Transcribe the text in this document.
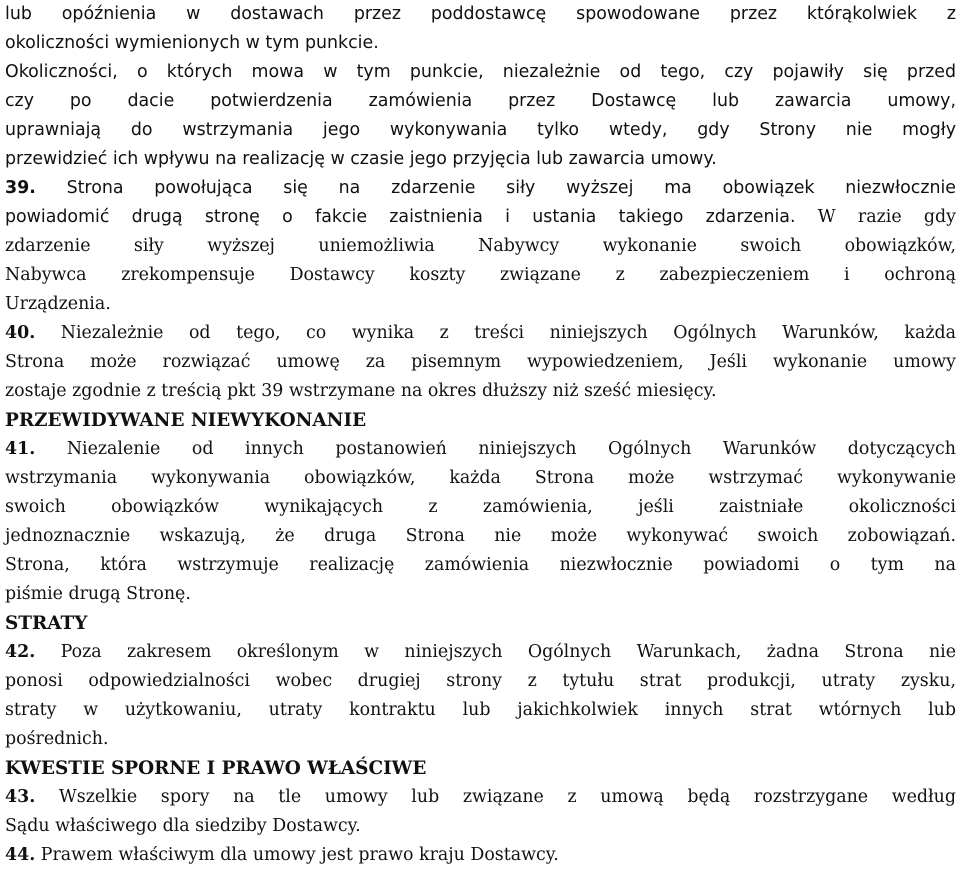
lub opóźnienia w dostawach przez poddostawcę spowodowane przez którąkolwiek z
okoliczności wymienionych w tym punkcie.
Okoliczności, o których mowa w tym punkcie, niezależnie od tego, czy pojawiły się przed
czy po dacie potwierdzenia zamówienia przez Dostawcę lub zawarcia umowy,
uprawniają do wstrzymania jego wykonywania tylko wtedy, gdy Strony nie mogły
przewidzieć ich wpływu na realizację w czasie jego przyjęcia lub zawarcia umowy.
39. Strona powołująca się na zdarzenie siły wyższej ma obowiązek niezwłocznie
powiadomić drugą stronę o fakcie zaistnienia i ustania takiego zdarzenia. W razie gdy
zdarzenie siły wyższej uniemożliwia Nabywcy wykonanie swoich obowiązków,
Nabywca zrekompensuje Dostawcy koszty związane z zabezpieczeniem i ochroną
Urządzenia.
40. Niezależnie od tego, co wynika z treści niniejszych Ogólnych Warunków, każda
Strona może rozwiązać umowę za pisemnym wypowiedzeniem, Jeśli wykonanie umowy
zostaje zgodnie z treścią pkt 39 wstrzymane na okres dłuższy niż sześć miesięcy.
PRZEWIDYWANE NIEWYKONANIE
41. Niezalenie od innych postanowień niniejszych Ogólnych Warunków dotyczących
wstrzymania wykonywania obowiązków, każda Strona może wstrzymać wykonywanie
swoich obowiązków wynikających z zamówienia, jeśli zaistniałe okoliczności
jednoznacznie wskazują, że druga Strona nie może wykonywać swoich zobowiązań.
Strona, która wstrzymuje realizację zamówienia niezwłocznie powiadomi o tym na
piśmie drugą Stronę.
STRATY
42. Poza zakresem określonym w niniejszych Ogólnych Warunkach, żadna Strona nie
ponosi odpowiedzialności wobec drugiej strony z tytułu strat produkcji, utraty zysku,
straty w użytkowaniu, utraty kontraktu lub jakichkolwiek innych strat wtórnych lub
pośrednich.
KWESTIE SPORNE I PRAWO WŁAŚCIWE
43. Wszelkie spory na tle umowy lub związane z umową będą rozstrzygane według
Sądu właściwego dla siedziby Dostawcy.
44. Prawem właściwym dla umowy jest prawo kraju Dostawcy.
